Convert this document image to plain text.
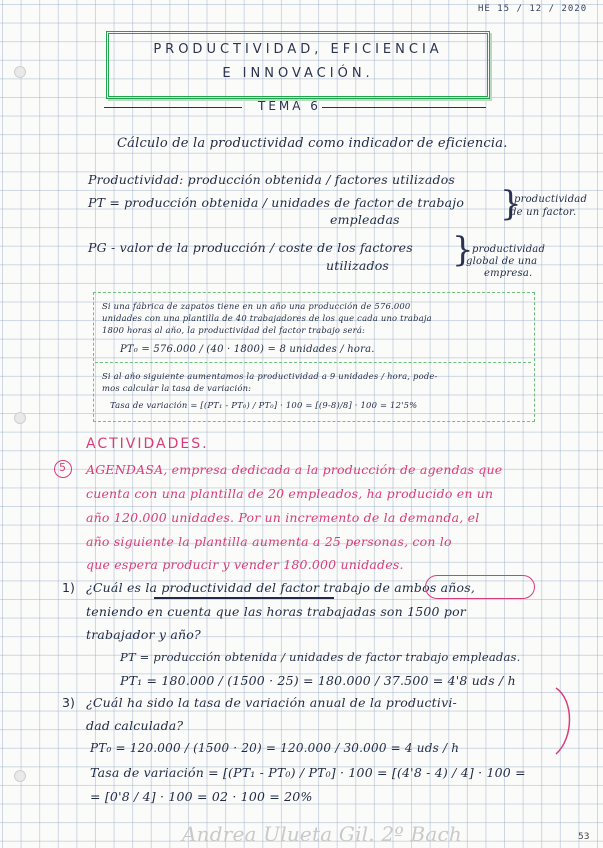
HE 15 / 12 / 2020
PRODUCTIVIDAD, EFICIENCIA
E INNOVACIÓN.
TEMA 6
Cálculo de la productividad como indicador de eficiencia.
Productividad: producción obtenida / factores utilizados
PT = producción obtenida / unidades de factor de trabajo
empleadas	}
productividad
de un factor.
PG - valor de la producción / coste de los factores
utilizados }
productividad
global de una
empresa.
Si una fábrica de zapatos tiene en un año una producción de 576.000
unidades con una plantilla de 40 trabajadores de los que cada uno trabaja
1800 horas al año, la productividad del factor trabajo será:
PT₀ = 576.000 / (40 · 1800) = 8 unidades / hora.
Si al año siguiente aumentamos la productividad a 9 unidades / hora, pode-
mos calcular la tasa de variación:
Tasa de variación = [(PT₁ - PT₀) / PT₀] · 100 = [(9-8)/8] · 100 = 12'5%
ACTIVIDADES.
5 AGENDASA, empresa dedicada a la producción de agendas que
cuenta con una plantilla de 20 empleados, ha producido en un
año 120.000 unidades. Por un incremento de la demanda, el
año siguiente la plantilla aumenta a 25 personas, con lo
que espera producir y vender 180.000 unidades.
1) ¿Cuál es la productividad del factor trabajo de ambos años,
teniendo en cuenta que las horas trabajadas son 1500 por
trabajador y año?
PT = producción obtenida / unidades de factor trabajo empleadas.
PT₁ = 180.000 / (1500 · 25) = 180.000 / 37.500 = 4'8 uds / h
3) ¿Cuál ha sido la tasa de variación anual de la productivi-
dad calculada?
PT₀ = 120.000 / (1500 · 20) = 120.000 / 30.000 = 4 uds / h
Tasa de variación = [(PT₁ - PT₀) / PT₀] · 100 = [(4'8 - 4) / 4] · 100 =
= [0'8 / 4] · 100 = 02 · 100 = 20%
Andrea Ulueta Gil. 2º Bach	53
